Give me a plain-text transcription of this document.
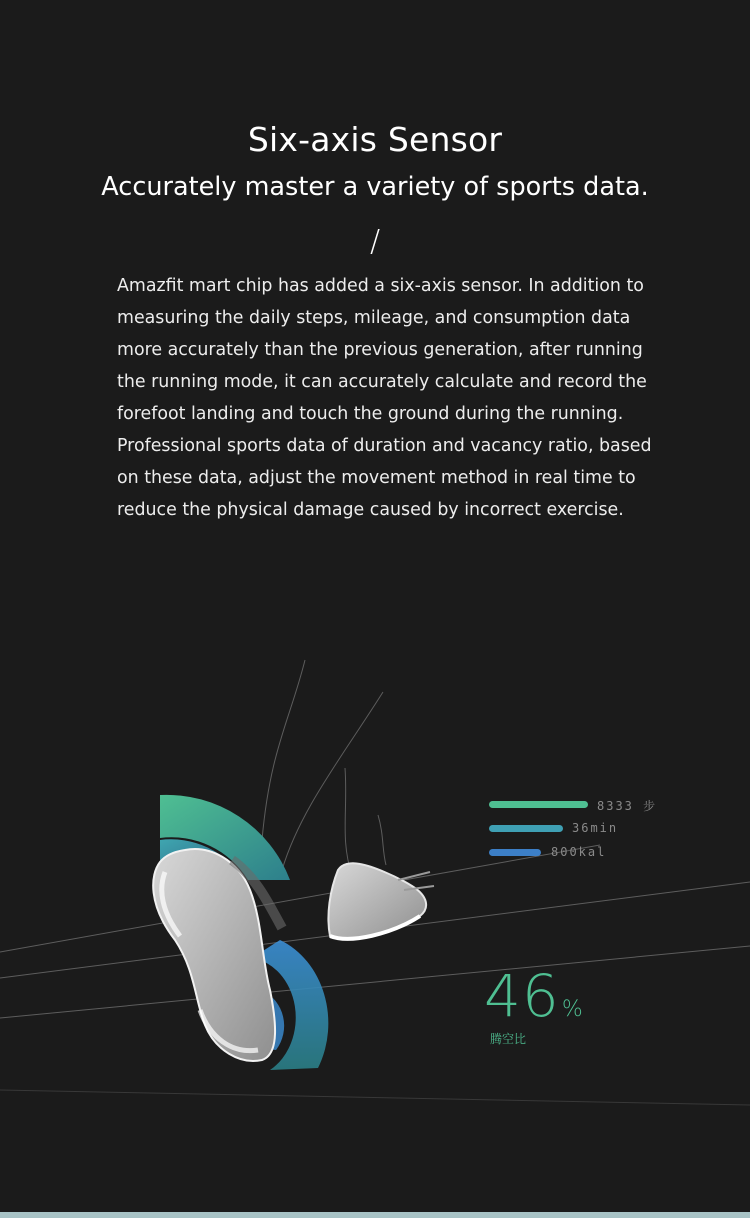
Six-axis Sensor
Accurately master a variety of sports data.
/
Amazfit mart chip has added a six-axis sensor. In addition to
measuring the daily steps, mileage, and consumption data
more accurately than the previous generation, after running
the running mode, it can accurately calculate and record the
forefoot landing and touch the ground during the running.
Professional sports data of duration and vacancy ratio, based
on these data, adjust the movement method in real time to
reduce the physical damage caused by incorrect exercise.
8333 步
36min
800kal
46%
腾空比
